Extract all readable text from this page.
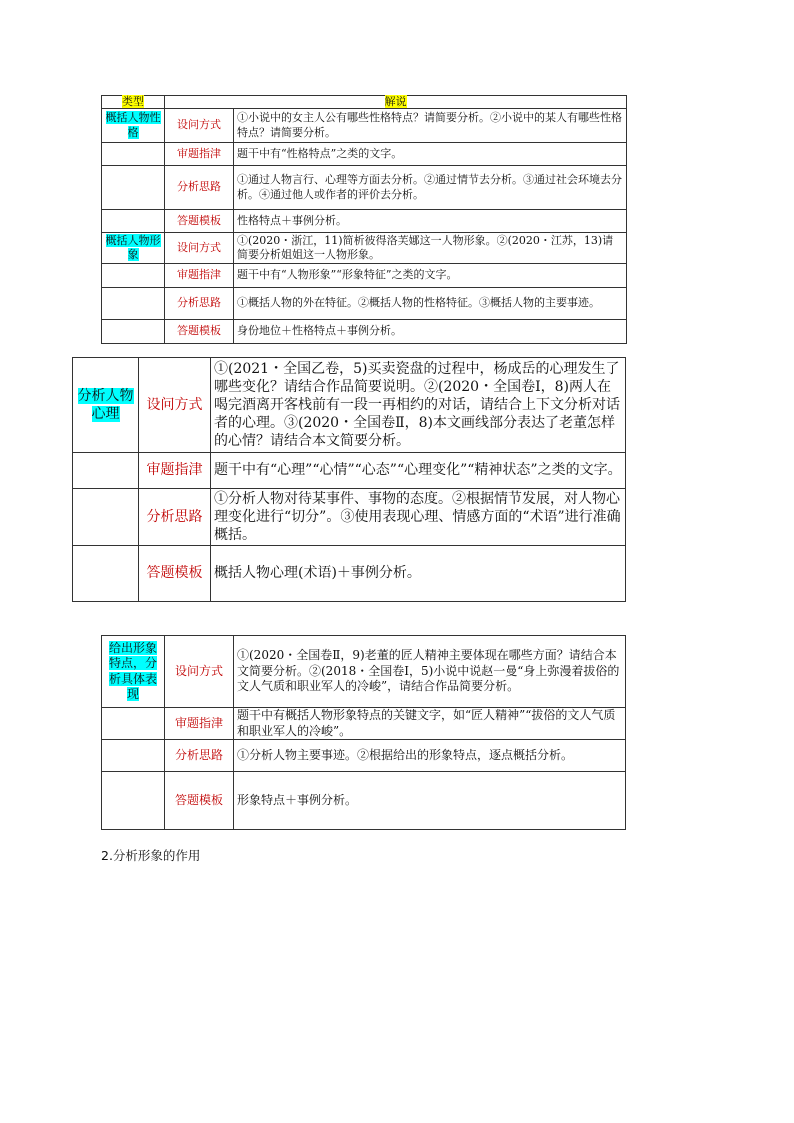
类型	解说	
概括人物性格	设问方式	①小说中的女主人公有哪些性格特点？请简要分析。②小说中的某人有哪些性格特点？请简要分析。
	审题指津	题干中有“性格特点”之类的文字。
	分析思路	①通过人物言行、心理等方面去分析。②通过情节去分析。③通过社会环境去分析。④通过他人或作者的评价去分析。
	答题模板	性格特点＋事例分析。
概括人物形象	设问方式	①(2020・浙江，11)简析彼得洛芙娜这一人物形象。②(2020・江苏，13)请简要分析姐姐这一人物形象。
	审题指津	题干中有“人物形象”“形象特征”之类的文字。
	分析思路	①概括人物的外在特征。②概括人物的性格特征。③概括人物的主要事迹。
	答题模板	身份地位＋性格特点＋事例分析。
分析人物心理	设问方式	①(2021・全国乙卷，5)买卖瓷盘的过程中，杨成岳的心理发生了哪些变化？请结合作品简要说明。②(2020・全国卷Ⅰ，8)两人在喝完酒离开客栈前有一段一再相约的对话，请结合上下文分析对话者的心理。③(2020・全国卷Ⅱ，8)本文画线部分表达了老董怎样的心情？请结合本文简要分析。
	审题指津	题干中有“心理”“心情”“心态”“心理变化”“精神状态”之类的文字。
	分析思路	①分析人物对待某事件、事物的态度。②根据情节发展，对人物心理变化进行“切分”。③使用表现心理、情感方面的“术语”进行准确概括。
	答题模板	概括人物心理(术语)＋事例分析。
给出形象特点，分析具体表现	设问方式	①(2020・全国卷Ⅱ，9)老董的匠人精神主要体现在哪些方面？请结合本文简要分析。②(2018・全国卷Ⅰ，5)小说中说赵一曼“身上弥漫着拔俗的文人气质和职业军人的冷峻”，请结合作品简要分析。
	审题指津	题干中有概括人物形象特点的关键文字，如“匠人精神”“拔俗的文人气质和职业军人的冷峻”。
	分析思路	①分析人物主要事迹。②根据给出的形象特点，逐点概括分析。
	答题模板	形象特点＋事例分析。
2.分析形象的作用
